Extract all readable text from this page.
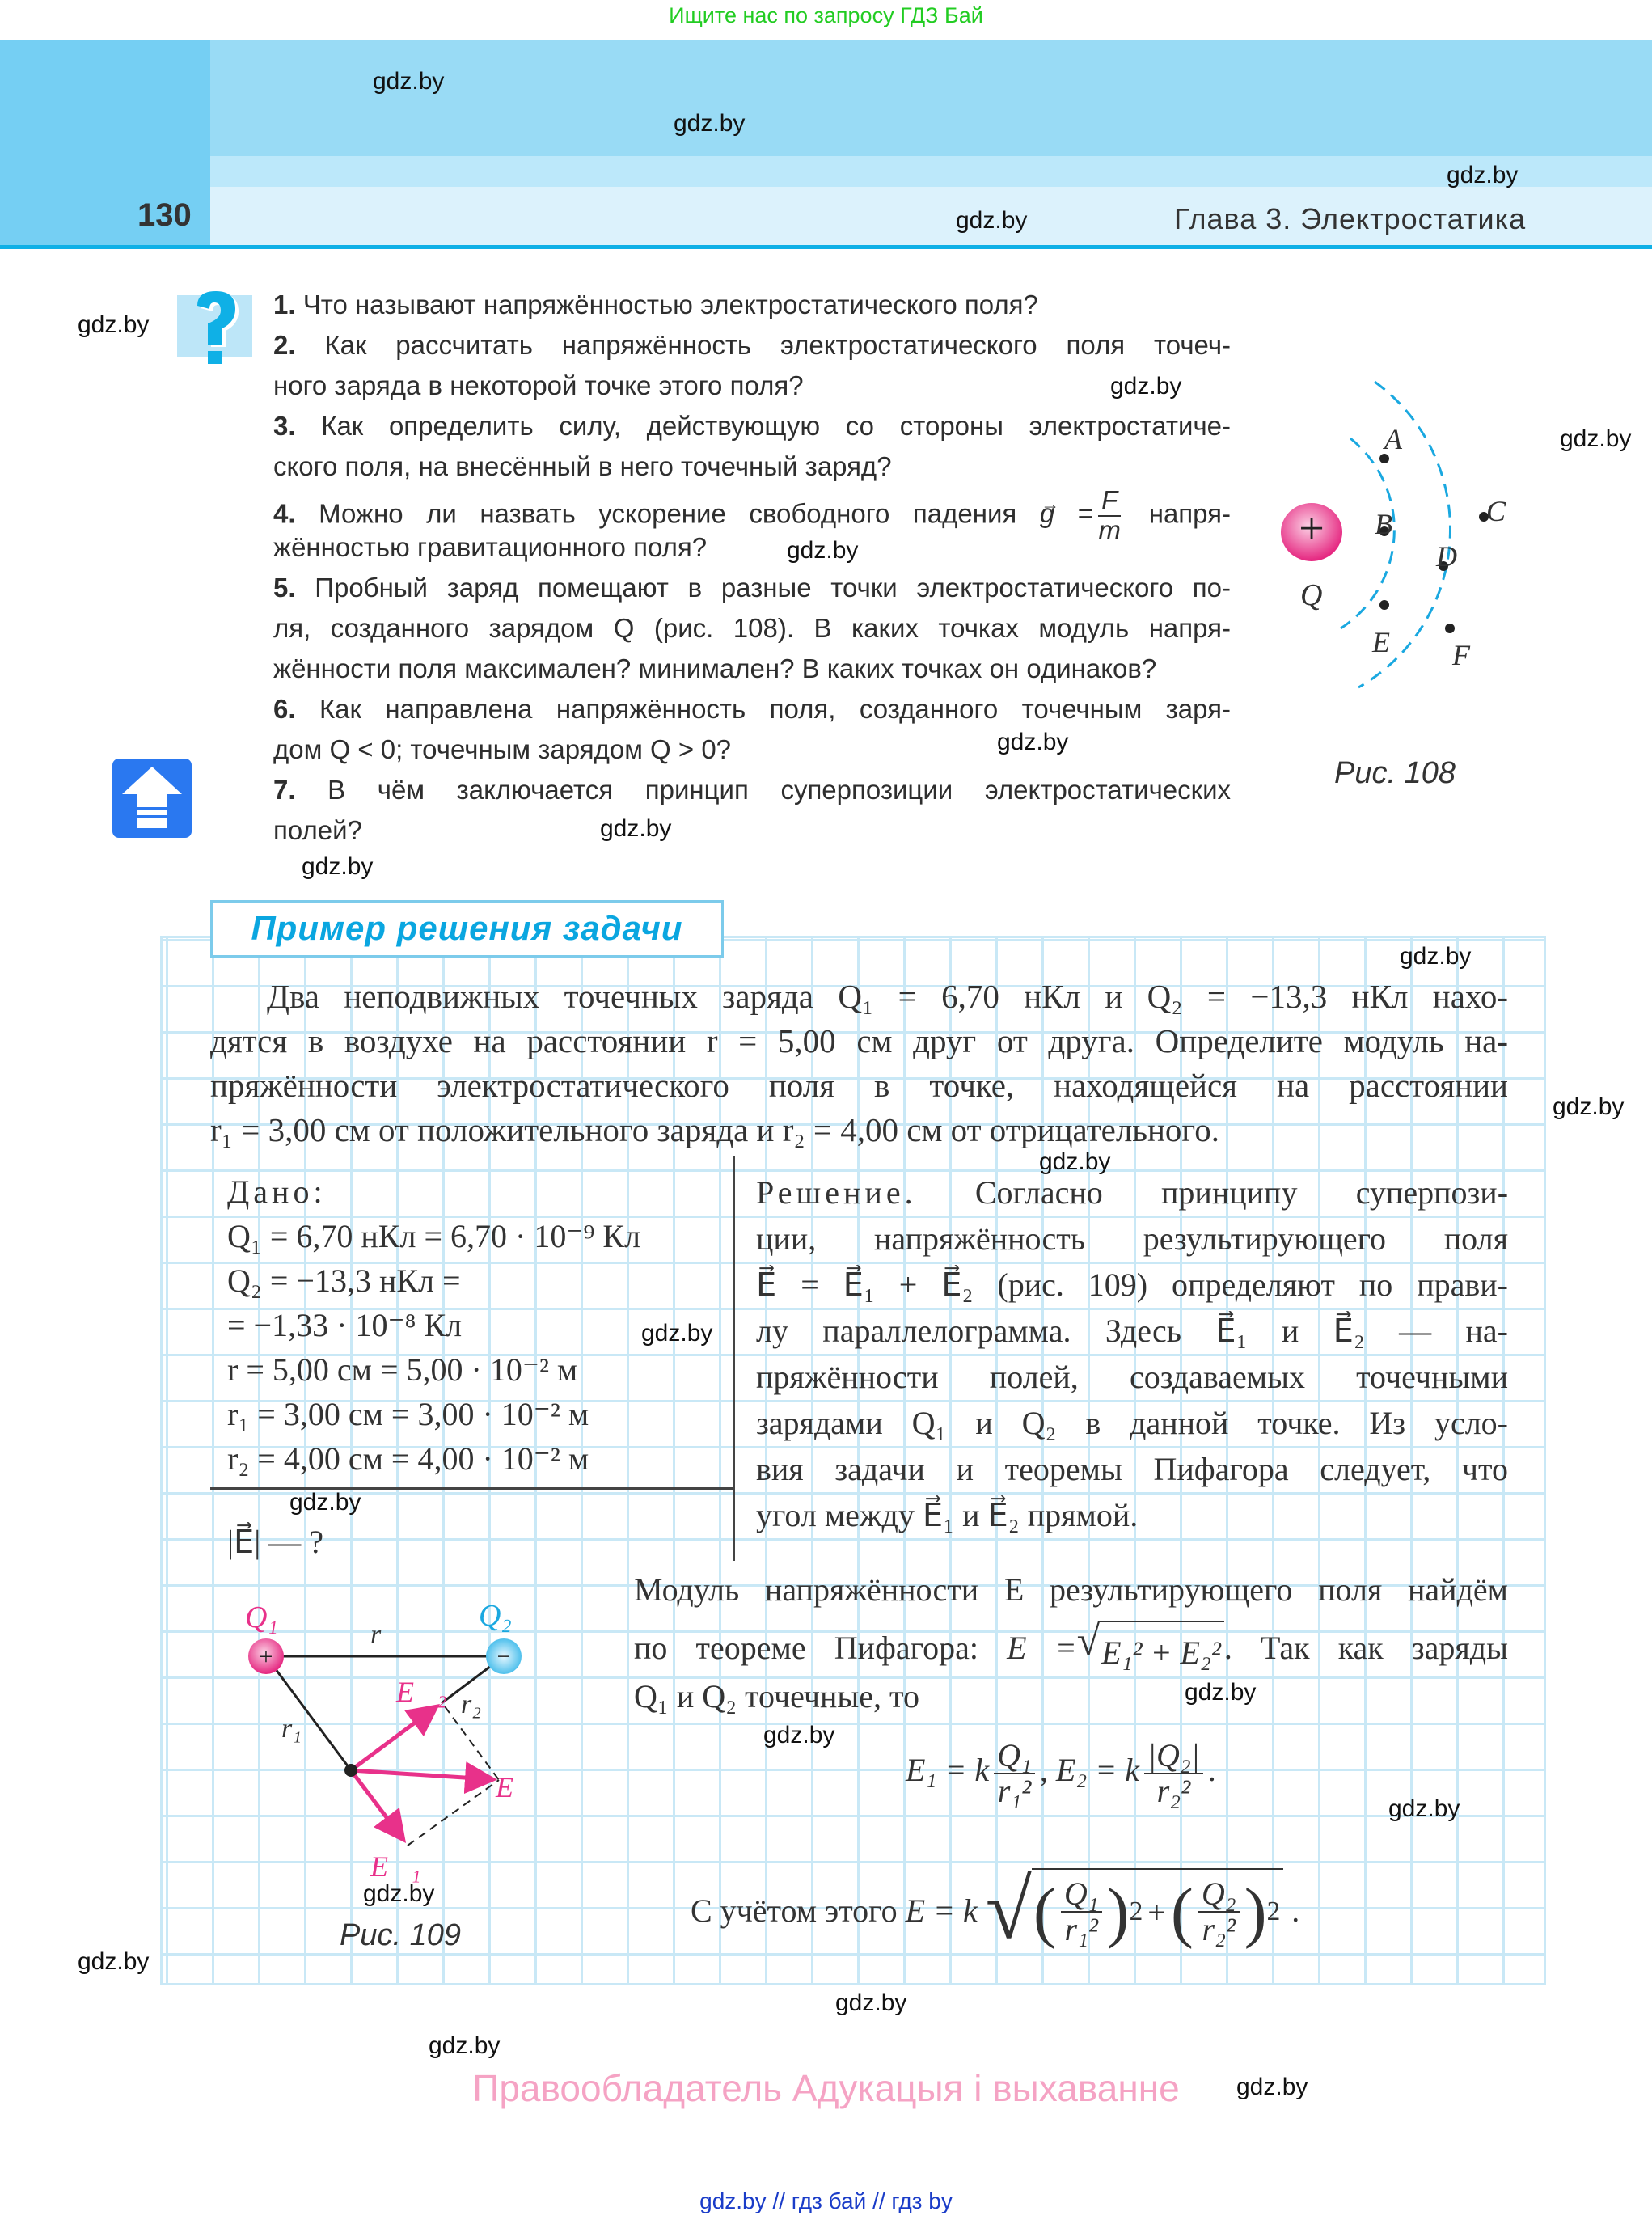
Ищите нас по запросу ГДЗ Бай
130	Глава 3. Электростатика
1. Что называют напряжённостью электростатического поля?
2. Как рассчитать напряжённость электростатического поля точеч-
ного заряда в некоторой точке этого поля?
3. Как определить силу, действующую со стороны электростатиче-
ского поля, на внесённый в него точечный заряд?
4. Можно ли назвать ускорение свободного падения → $g = \frac{F}{m}$ напря-
жённостью гравитационного поля?
5. Пробный заряд помещают в разные точки электростатического по-
ля, созданного зарядом Q (рис. 108). В каких точках модуль напря-
жённости поля максимален? минимален? В каких точках он одинаков?
6. Как направлена напряжённость поля, созданного точечным заря-
дом Q < 0; точечным зарядом Q > 0?
7. В чём заключается принцип суперпозиции электростатических
полей?
+
A
B	C
D
E F
Q
Рис. 108
Пример решения задачи
Два неподвижных точечных заряда Q₁ = 6,70 нКл и Q₂ = −13,3 нКл нахо-
дятся в воздухе на расстоянии r = 5,00 см друг от друга. Определите модуль на-
пряжённости электростатического поля в точке, находящейся на расстоянии
r₁ = 3,00 см от положительного заряда и r₂ = 4,00 см от отрицательного.
Дано:
Q₁ = 6,70 нКл = 6,70 · 10⁻⁹ Кл
Q₂ = −13,3 нКл =
= −1,33 · 10⁻⁸ Кл
r = 5,00 см = 5,00 · 10⁻² м
r₁ = 3,00 см = 3,00 · 10⁻² м
r₂ = 4,00 см = 4,00 · 10⁻² м
|E⃗| — ?
Решение. Согласно принципу суперпози-
ции, напряжённость результирующего поля
E⃗ = E⃗₁ + E⃗₂ (рис. 109) определяют по прави-
лу параллелограмма. Здесь E⃗₁ и E⃗₂ — на-
пряжённости полей, создаваемых точечными
зарядами Q₁ и Q₂ в данной точке. Из усло-
вия задачи и теоремы Пифагора следует, что
угол между E⃗₁ и E⃗₂ прямой.
Модуль напряжённости E результирующего поля найдём
по теореме Пифагора: E = √ E₁² + E₂² . Так как заряды
Q₁ и Q₂ точечные, то
E₁ = k $\frac{\text{Q₁}}{\text{r₁²}}$ , E₂ = k $\frac{\text{|Q₂|}}{\text{r₂²}}$ .
С учётом этого E = k √ ( $\frac{\text{Q₁}}{\text{r₁²}}$ ) 2 + ( $\frac{\text{Q₂}}{\text{r₂²}}$ ) 2 .
+	−
Q₁	Q₂
r
r₁
r₂
E⃗₂
E⃗
E⃗₁
Рис. 109
gdz.by
gdz.by
gdz.by
gdz.by
gdz.by
gdz.by
gdz.by
gdz.by
gdz.by
gdz.by
gdz.by
gdz.by
gdz.by
gdz.by
gdz.by
gdz.by
gdz.by
gdz.by
gdz.by
gdz.by
gdz.by
gdz.by
gdz.by
gdz.by
Правообладатель Адукацыя і выхаванне
gdz.by // гдз бай // гдз by
